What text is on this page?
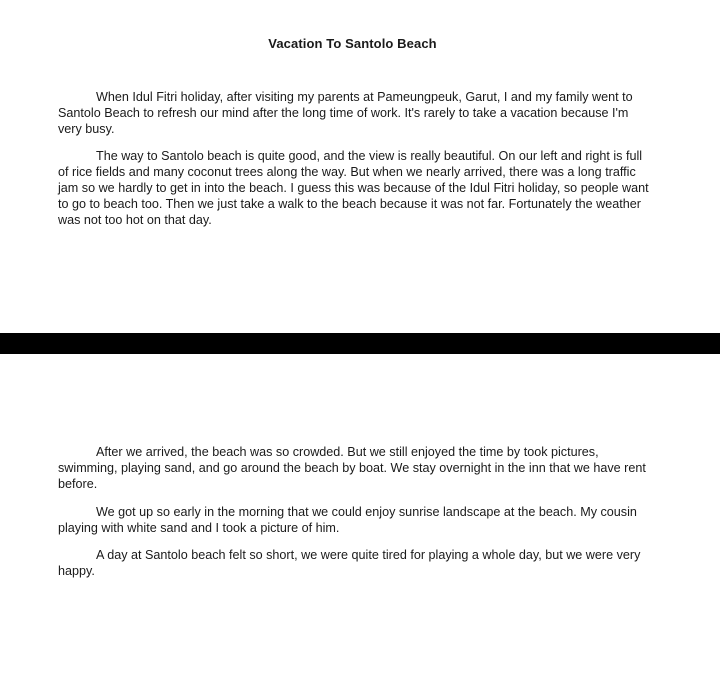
Vacation To Santolo Beach

When Idul Fitri holiday, after visiting my parents at Pameungpeuk, Garut, I and my family went to Santolo Beach to refresh our mind after the long time of work. It's rarely to take a vacation because I'm very busy.

The way to Santolo beach is quite good, and the view is really beautiful. On our left and right is full of rice fields and many coconut trees along the way. But when we nearly arrived, there was a long traffic jam so we hardly to get in into the beach. I guess this was because of the Idul Fitri holiday, so people want to go to beach too. Then we just take a walk to the beach because it was not far. Fortunately the weather was not too hot on that day.

After we arrived, the beach was so crowded. But we still enjoyed the time by took pictures, swimming, playing sand, and go around the beach by boat. We stay overnight in the inn that we have rent before.

We got up so early in the morning that we could enjoy sunrise landscape at the beach. My cousin playing with white sand and I took a picture of him.

A day at Santolo beach felt so short, we were quite tired for playing a whole day, but we were very happy.
